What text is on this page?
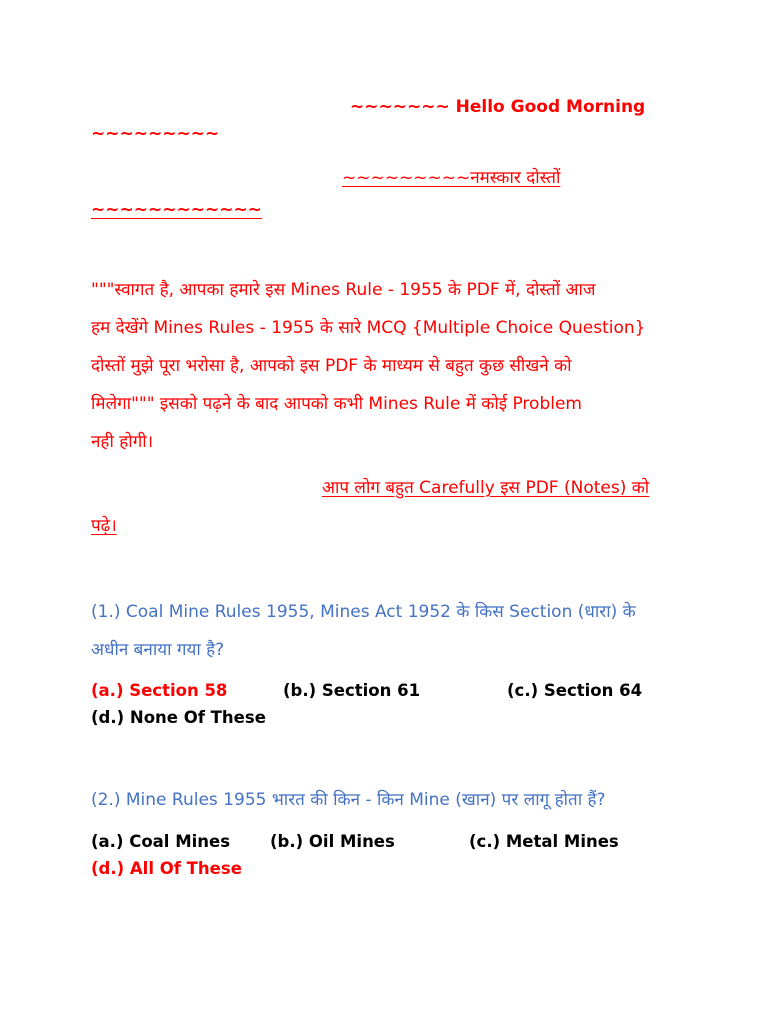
~~~~~~~ Hello Good Morning
~~~~~~~~~
~~~~~~~~~नमस्कार दोस्तों
~~~~~~~~~~~~
"""स्वागत है, आपका हमारे इस Mines Rule - 1955 के PDF में, दोस्तों आज
हम देखेंगे Mines Rules - 1955 के सारे MCQ {Multiple Choice Question}
दोस्तों मुझे पूरा भरोसा है, आपको इस PDF के माध्यम से बहुत कुछ सीखने को
मिलेगा""" इसको पढ़ने के बाद आपको कभी Mines Rule में कोई Problem
नही होगी।
आप लोग बहुत Carefully इस PDF (Notes) को
पढ़े।
(1.) Coal Mine Rules 1955, Mines Act 1952 के किस Section (धारा) के
अधीन बनाया गया है?
(a.) Section 58	(b.) Section 61	(c.) Section 64
(d.) None Of These
(2.) Mine Rules 1955 भारत की किन - किन Mine (खान) पर लागू होता हैं?
(a.) Coal Mines (b.) Oil Mines	(c.) Metal Mines
(d.) All Of These
